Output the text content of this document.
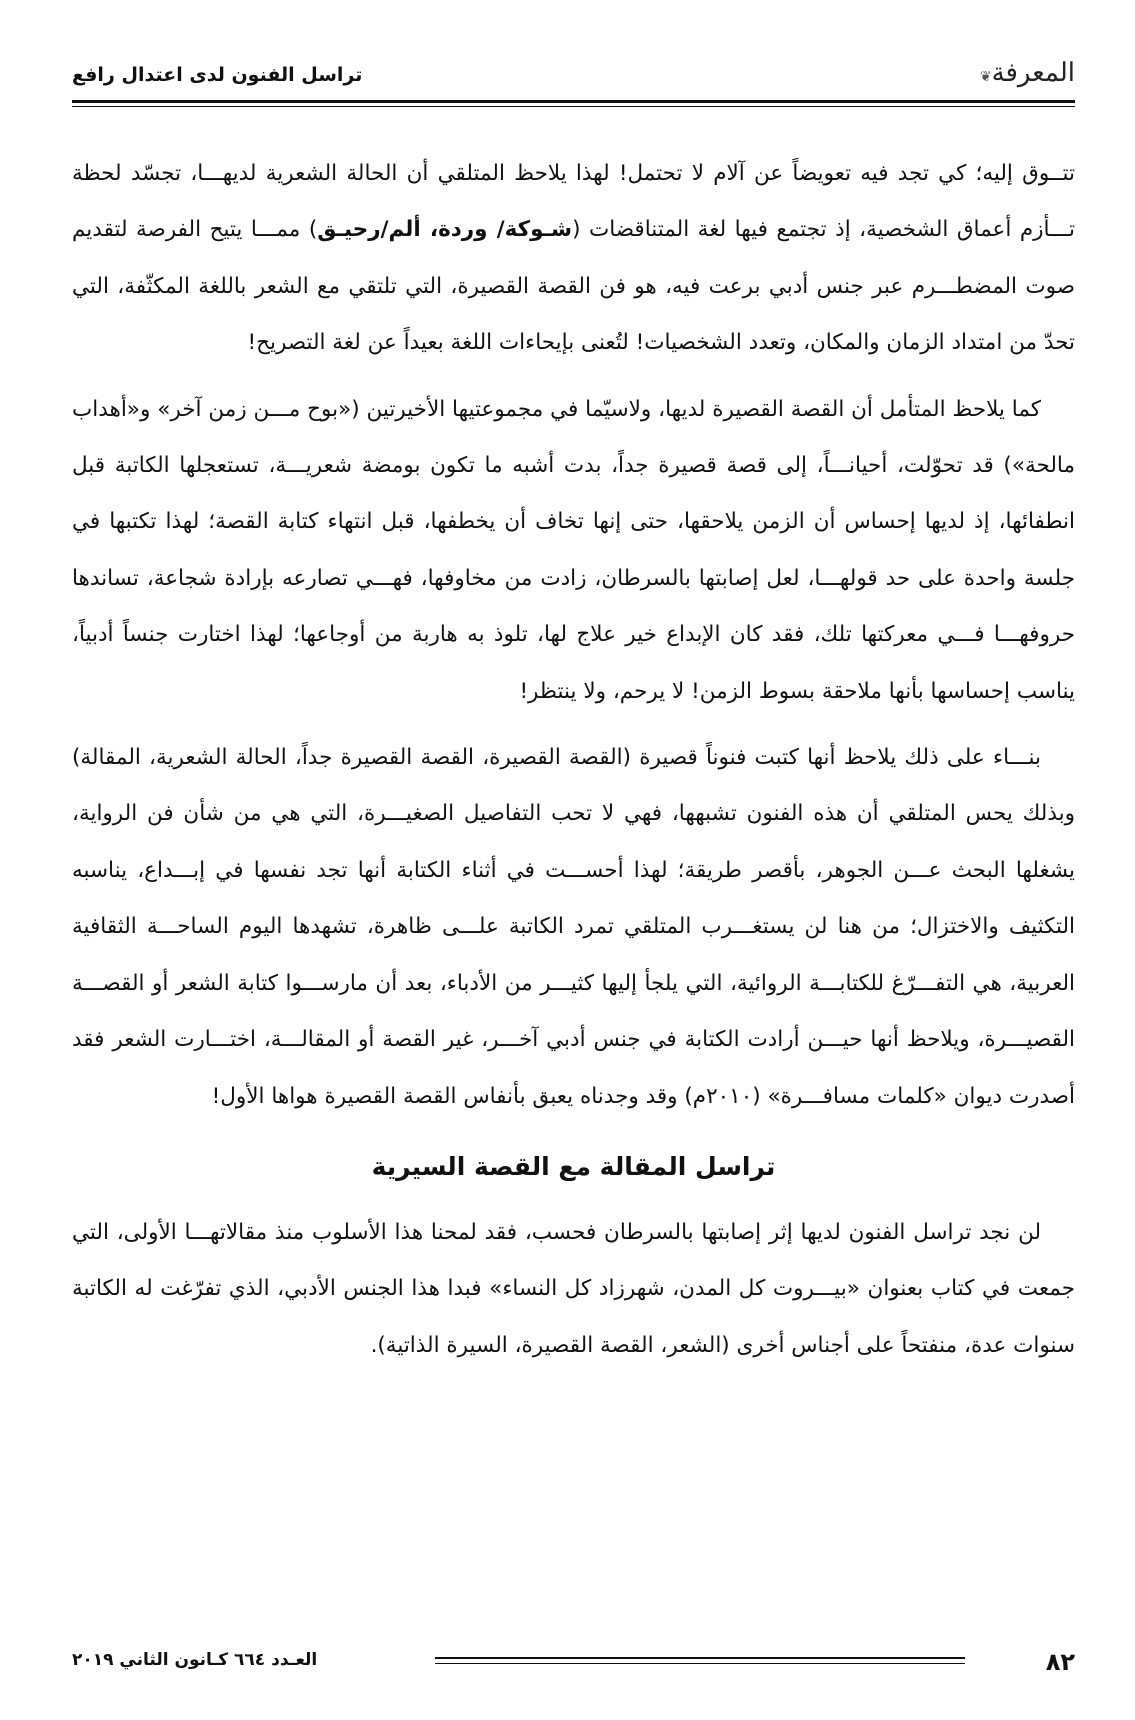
المعرفة❦
تراسل الفنون لدى اعتدال رافع

تتــوق إليه؛ كي تجد فيه تعويضاً عن آلام لا تحتمل! لهذا يلاحظ المتلقي أن الحالة الشعرية لديهـــا، تجسّد لحظة تـــأزم أعماق الشخصية، إذ تجتمع فيها لغة المتناقضات (شـوكة/ وردة، ألم/رحيـق) ممـــا يتيح الفرصة لتقديم صوت المضطـــرم عبر جنس أدبي برعت فيه، هو فن القصة القصيرة، التي تلتقي مع الشعر باللغة المكثّفة، التي تحدّ من امتداد الزمان والمكان، وتعدد الشخصيات! لتُعنى بإيحاءات اللغة بعيداً عن لغة التصريح!

كما يلاحظ المتأمل أن القصة القصيرة لديها، ولاسيّما في مجموعتيها الأخيرتين («بوح مـــن زمن آخر» و«أهداب مالحة») قد تحوّلت، أحيانـــاً، إلى قصة قصيرة جداً، بدت أشبه ما تكون بومضة شعريـــة، تستعجلها الكاتبة قبل انطفائها، إذ لديها إحساس أن الزمن يلاحقها، حتى إنها تخاف أن يخطفها، قبل انتهاء كتابة القصة؛ لهذا تكتبها في جلسة واحدة على حد قولهـــا، لعل إصابتها بالسرطان، زادت من مخاوفها، فهـــي تصارعه بإرادة شجاعة، تساندها حروفهـــا فـــي معركتها تلك، فقد كان الإبداع خير علاج لها، تلوذ به هاربة من أوجاعها؛ لهذا اختارت جنساً أدبياً، يناسب إحساسها بأنها ملاحقة بسوط الزمن! لا يرحم، ولا ينتظر!

بنـــاء على ذلك يلاحظ أنها كتبت فنوناً قصيرة (القصة القصيرة، القصة القصيرة جداً، الحالة الشعرية، المقالة) وبذلك يحس المتلقي أن هذه الفنون تشبهها، فهي لا تحب التفاصيل الصغيـــرة، التي هي من شأن فن الرواية، يشغلها البحث عـــن الجوهر، بأقصر طريقة؛ لهذا أحســـت في أثناء الكتابة أنها تجد نفسها في إبـــداع، يناسبه التكثيف والاختزال؛ من هنا لن يستغـــرب المتلقي تمرد الكاتبة علـــى ظاهرة، تشهدها اليوم الساحـــة الثقافية العربية، هي التفـــرّغ للكتابـــة الروائية، التي يلجأ إليها كثيـــر من الأدباء، بعد أن مارســـوا كتابة الشعر أو القصـــة القصيـــرة، ويلاحظ أنها حيـــن أرادت الكتابة في جنس أدبي آخـــر، غير القصة أو المقالـــة، اختـــارت الشعر فقد أصدرت ديوان «كلمات مسافـــرة» (٢٠١٠م) وقد وجدناه يعبق بأنفاس القصة القصيرة هواها الأول!

تراسل المقالة مع القصة السيرية

لن نجد تراسل الفنون لديها إثر إصابتها بالسرطان فحسب، فقد لمحنا هذا الأسلوب منذ مقالاتهـــا الأولى، التي جمعت في كتاب بعنوان «بيـــروت كل المدن، شهرزاد كل النساء» فبدا هذا الجنس الأدبي، الذي تفرّغت له الكاتبة سنوات عدة، منفتحاً على أجناس أخرى (الشعر، القصة القصيرة، السيرة الذاتية).

٨٢
العـدد ٦٦٤ كـانون الثاني ٢٠١٩
